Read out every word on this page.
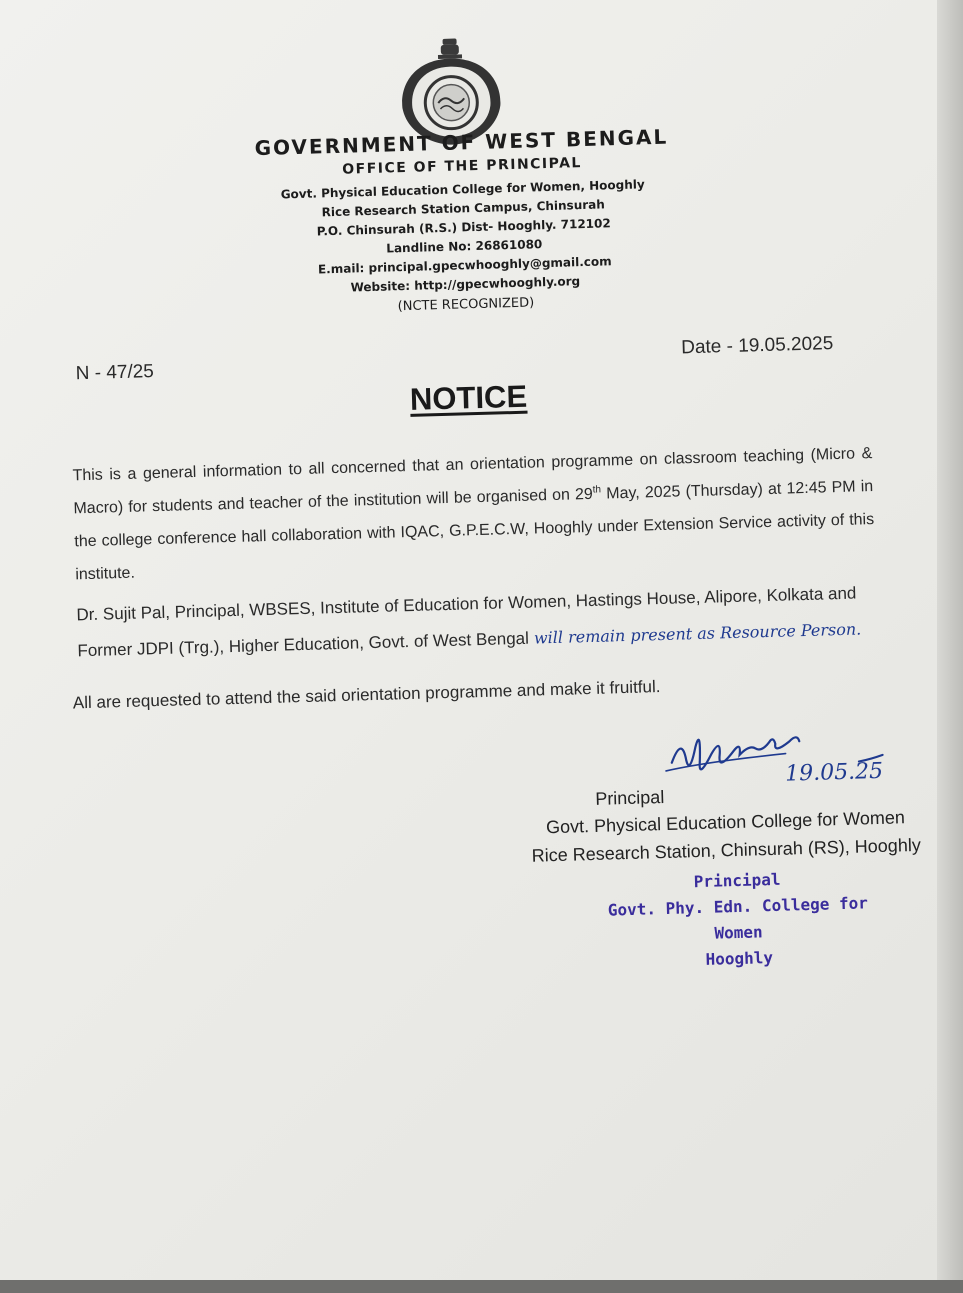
GOVERNMENT OF WEST BENGAL
OFFICE OF THE PRINCIPAL
Govt. Physical Education College for Women, Hooghly
Rice Research Station Campus, Chinsurah
P.O. Chinsurah (R.S.) Dist- Hooghly. 712102
Landline No: 26861080
E.mail: principal.gpecwhooghly@gmail.com
Website: http://gpecwhooghly.org
(NCTE RECOGNIZED)
N - 47/25
Date - 19.05.2025
NOTICE
This is a general information to all concerned that an orientation programme on classroom teaching (Micro & Macro) for students and teacher of the institution will be organised on 29th May, 2025 (Thursday) at 12:45 PM in the college conference hall collaboration with IQAC, G.P.E.C.W, Hooghly under Extension Service activity of this institute.
Dr. Sujit Pal, Principal, WBSES, Institute of Education for Women, Hastings House, Alipore, Kolkata and Former JDPI (Trg.), Higher Education, Govt. of West Bengal will remain present as Resource Person.
All are requested to attend the said orientation programme and make it fruitful.
19.05.25
Principal
Govt. Physical Education College for Women
Rice Research Station, Chinsurah (RS), Hooghly
Principal
Govt. Phy. Edn. College for Women
Hooghly
